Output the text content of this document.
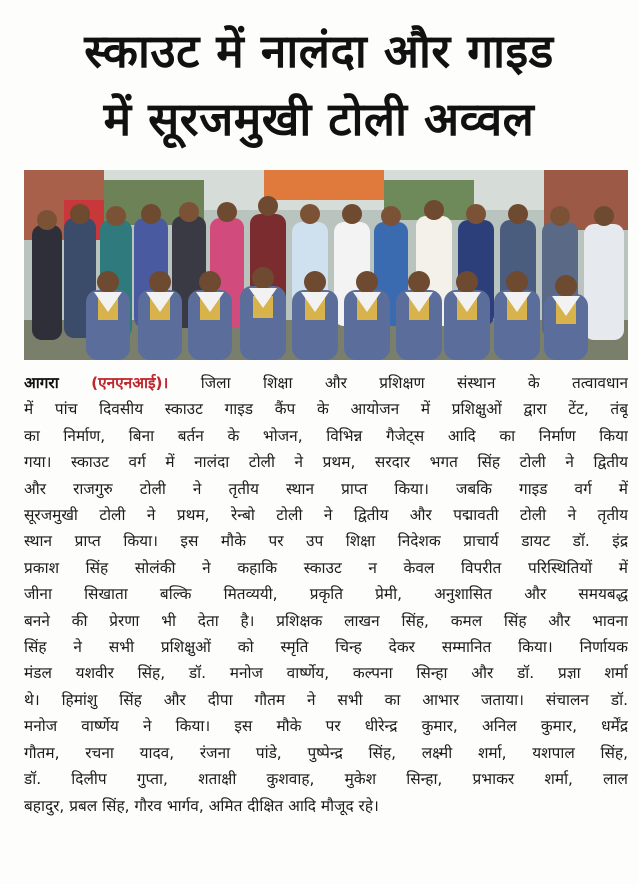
स्काउट में नालंदा और गाइड
में सूरजमुखी टोली अव्वल
आगरा (एनएनआई)। जिला शिक्षा और प्रशिक्षण संस्थान के तत्वावधान
में पांच दिवसीय स्काउट गाइड कैंप के आयोजन में प्रशिक्षुओं द्वारा टेंट, तंबू
का निर्माण, बिना बर्तन के भोजन, विभिन्न गैजेट्स आदि का निर्माण किया
गया। स्काउट वर्ग में नालंदा टोली ने प्रथम, सरदार भगत सिंह टोली ने द्वितीय
और राजगुरु टोली ने तृतीय स्थान प्राप्त किया। जबकि गाइड वर्ग में
सूरजमुखी टोली ने प्रथम, रेन्बो टोली ने द्वितीय और पद्मावती टोली ने तृतीय
स्थान प्राप्त किया। इस मौके पर उप शिक्षा निदेशक प्राचार्य डायट डॉ. इंद्र
प्रकाश सिंह सोलंकी ने कहाकि स्काउट न केवल विपरीत परिस्थितियों में
जीना सिखाता बल्कि मितव्ययी, प्रकृति प्रेमी, अनुशासित और समयबद्ध
बनने की प्रेरणा भी देता है। प्रशिक्षक लाखन सिंह, कमल सिंह और भावना
सिंह ने सभी प्रशिक्षुओं को स्मृति चिन्ह देकर सम्मानित किया। निर्णायक
मंडल यशवीर सिंह, डॉ. मनोज वार्ष्णेय, कल्पना सिन्हा और डॉ. प्रज्ञा शर्मा
थे। हिमांशु सिंह और दीपा गौतम ने सभी का आभार जताया। संचालन डॉ.
मनोज वार्ष्णेय ने किया। इस मौके पर धीरेन्द्र कुमार, अनिल कुमार, धर्मेंद्र
गौतम, रचना यादव, रंजना पांडे, पुष्पेन्द्र सिंह, लक्ष्मी शर्मा, यशपाल सिंह,
डॉ. दिलीप गुप्ता, शताक्षी कुशवाह, मुकेश सिन्हा, प्रभाकर शर्मा, लाल
बहादुर, प्रबल सिंह, गौरव भार्गव, अमित दीक्षित आदि मौजूद रहे।
